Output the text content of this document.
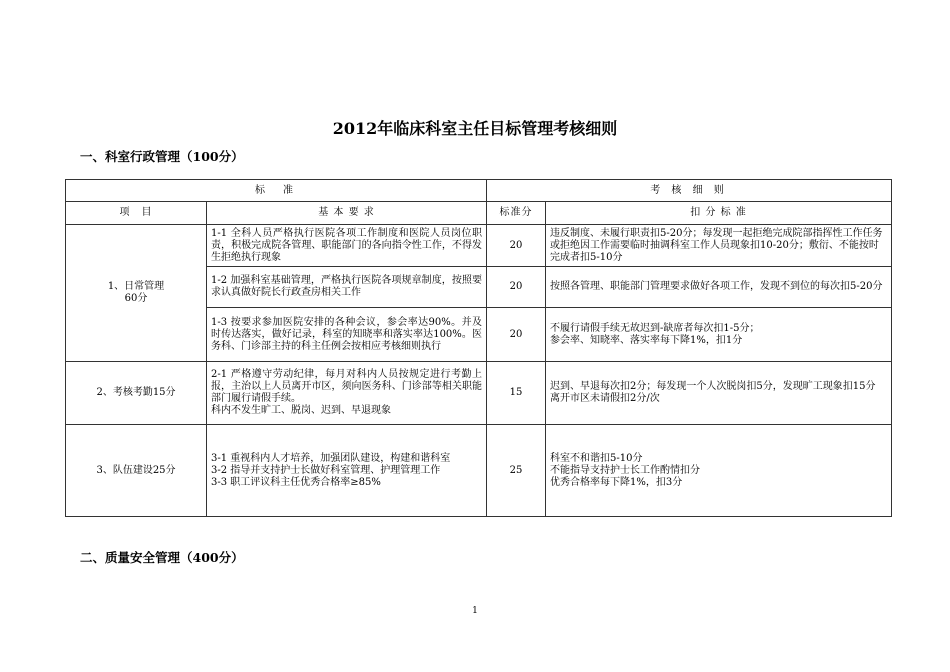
2012年临床科室主任目标管理考核细则
一、科室行政管理（100分）
标　准		考 核 细 则	
项　目	基 本 要 求	标准分	扣 分 标 准

1、日常管理
60分	1-1 全科人员严格执行医院各项工作制度和医院人员岗位职责，积极完成院各管理、职能部门的各向指令性工作，不得发生拒绝执行现象	20	违反制度、未履行职责扣5-20分；每发现一起拒绝完成院部指挥性工作任务或拒绝因工作需要临时抽调科室工作人员现象扣10-20分；敷衍、不能按时完成者扣5-10分
	1-2 加强科室基础管理，严格执行医院各项规章制度，按照要求认真做好院长行政查房相关工作	20	按照各管理、职能部门管理要求做好各项工作，发现不到位的每次扣5-20分
	1-3 按要求参加医院安排的各种会议，参会率达90%。并及时传达落实，做好记录，科室的知晓率和落实率达100%。医务科、门诊部主持的科主任例会按相应考核细则执行	20	不履行请假手续无故迟到-缺席者每次扣1-5分；
参会率、知晓率、落实率每下降1%，扣1分

2、考核考勤15分	2-1 严格遵守劳动纪律，每月对科内人员按规定进行考勤上报，主治以上人员离开市区，须向医务科、门诊部等相关职能部门履行请假手续。
科内不发生旷工、脱岗、迟到、早退现象	15	迟到、早退每次扣2分；每发现一个人次脱岗扣5分，发现旷工现象扣15分
离开市区未请假扣2分/次

3、队伍建设25分	3-1 重视科内人才培养，加强团队建设，构建和谐科室
3-2 指导并支持护士长做好科室管理、护理管理工作
3-3 职工评议科主任优秀合格率≥85%	25	科室不和谐扣5-10分
不能指导支持护士长工作酌情扣分
优秀合格率每下降1%，扣3分
二、质量安全管理（400分）
1
